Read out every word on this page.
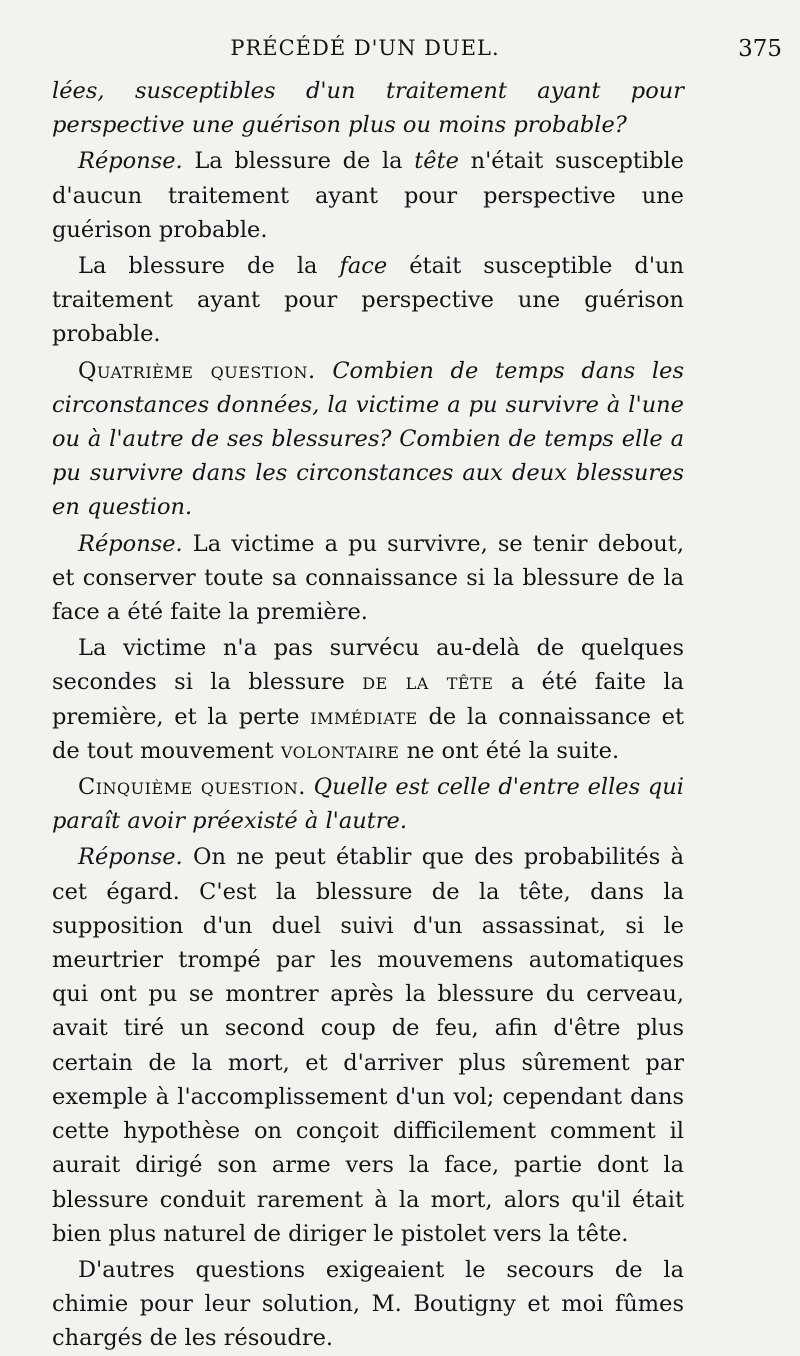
PRÉCÉDÉ D'UN DUEL.	375

lées, susceptibles d'un traitement ayant pour perspective une guérison plus ou moins probable?

Réponse. La blessure de la tête n'était susceptible d'aucun traitement ayant pour perspective une guérison probable.

La blessure de la face était susceptible d'un traitement ayant pour perspective une guérison probable.

Quatrième question. Combien de temps dans les circonstances données, la victime a pu survivre à l'une ou à l'autre de ses blessures? Combien de temps elle a pu survivre dans les circonstances aux deux blessures en question.

Réponse. La victime a pu survivre, se tenir debout, et conserver toute sa connaissance si la blessure de la face a été faite la première.

La victime n'a pas survécu au-delà de quelques secondes si la blessure de la tête a été faite la première, et la perte immédiate de la connaissance et de tout mouvement volontaire ne ont été la suite.

Cinquième question. Quelle est celle d'entre elles qui paraît avoir préexisté à l'autre.

Réponse. On ne peut établir que des probabilités à cet égard. C'est la blessure de la tête, dans la supposition d'un duel suivi d'un assassinat, si le meurtrier trompé par les mouvemens automatiques qui ont pu se montrer après la blessure du cerveau, avait tiré un second coup de feu, afin d'être plus certain de la mort, et d'arriver plus sûrement par exemple à l'accomplissement d'un vol; cependant dans cette hypothèse on conçoit difficilement comment il aurait dirigé son arme vers la face, partie dont la blessure conduit rarement à la mort, alors qu'il était bien plus naturel de diriger le pistolet vers la tête.

D'autres questions exigeaient le secours de la chimie pour leur solution, M. Boutigny et moi fûmes chargés de les résoudre.
